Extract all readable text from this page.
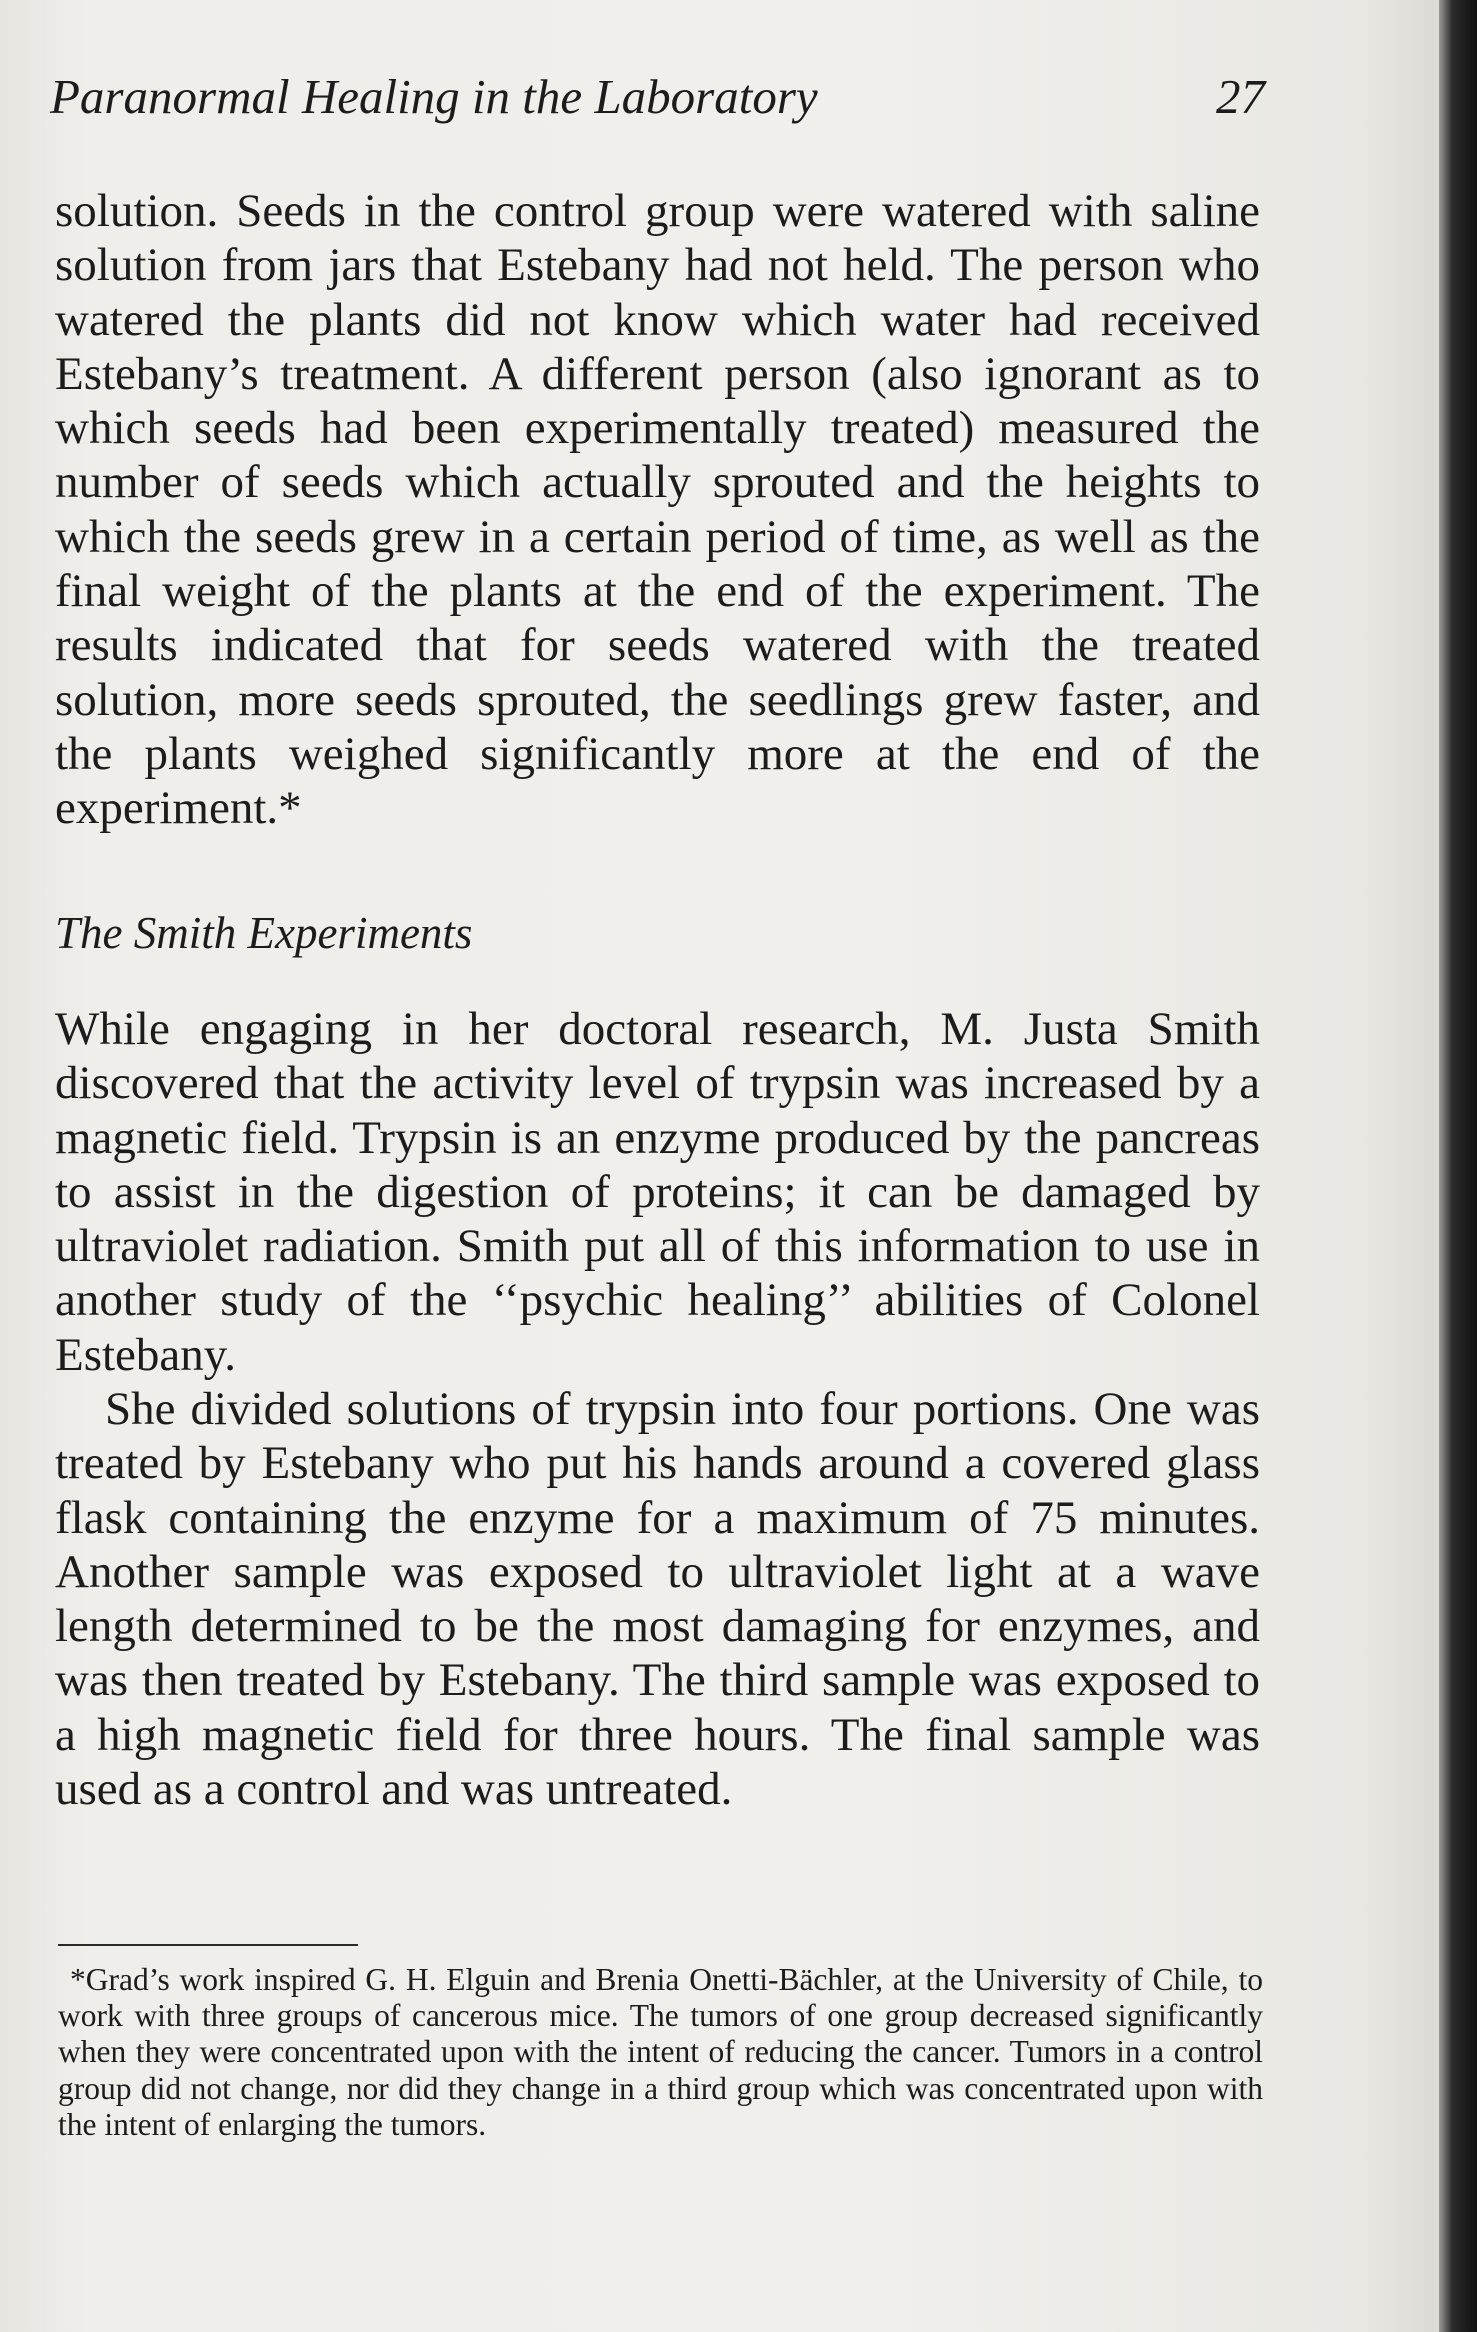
Paranormal Healing in the Laboratory	27

solution. Seeds in the control group were watered with saline solution from jars that Estebany had not held. The person who watered the plants did not know which water had received Estebany’s treatment. A different person (also ignorant as to which seeds had been experimentally treated) measured the number of seeds which actually sprouted and the heights to which the seeds grew in a certain period of time, as well as the final weight of the plants at the end of the experiment. The results indicated that for seeds watered with the treated solution, more seeds sprouted, the seedlings grew faster, and the plants weighed significantly more at the end of the experiment.*

The Smith Experiments

While engaging in her doctoral research, M. Justa Smith discovered that the activity level of trypsin was increased by a magnetic field. Trypsin is an enzyme produced by the pancreas to assist in the digestion of proteins; it can be damaged by ultraviolet radiation. Smith put all of this information to use in another study of the ‘‘psychic healing’’ abilities of Colonel Estebany.

She divided solutions of trypsin into four portions. One was treated by Estebany who put his hands around a covered glass flask containing the enzyme for a maximum of 75 minutes. Another sample was exposed to ultraviolet light at a wave length determined to be the most damaging for enzymes, and was then treated by Estebany. The third sample was exposed to a high magnetic field for three hours. The final sample was used as a control and was untreated.

*Grad’s work inspired G. H. Elguin and Brenia Onetti-Bächler, at the University of Chile, to work with three groups of cancerous mice. The tumors of one group decreased significantly when they were concentrated upon with the intent of reducing the cancer. Tumors in a control group did not change, nor did they change in a third group which was concentrated upon with the intent of enlarging the tumors.
